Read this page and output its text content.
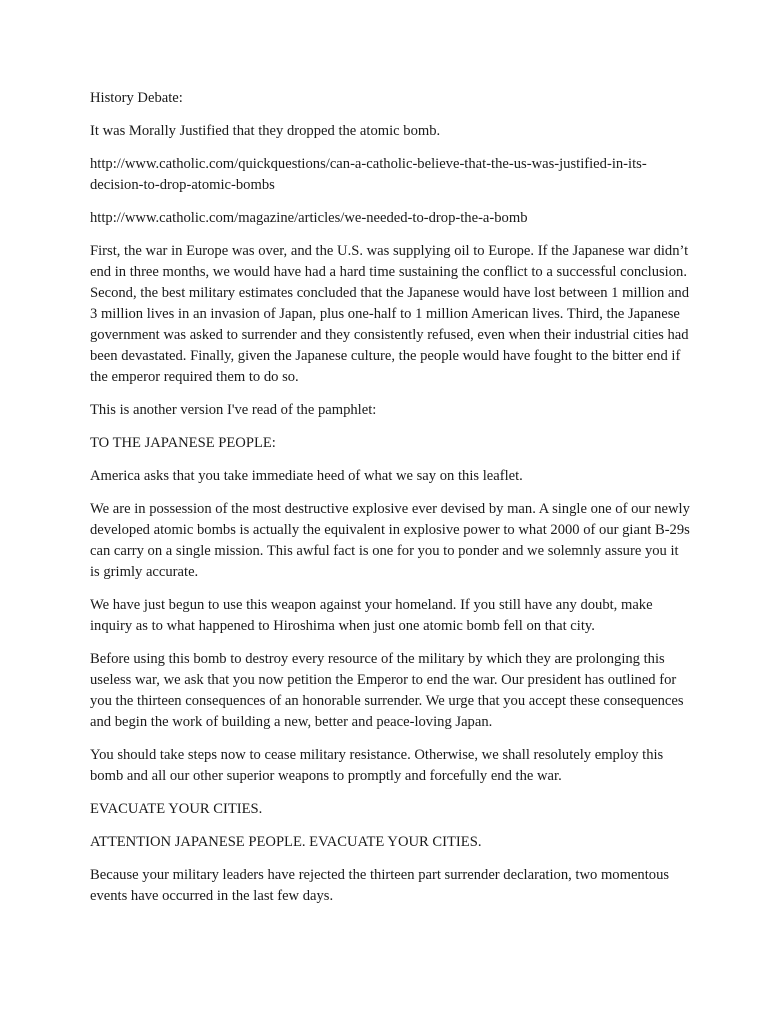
History Debate:

It was Morally Justified that they dropped the atomic bomb.

http://www.catholic.com/quickquestions/can-a-catholic-believe-that-the-us-was-justified-in-its-decision-to-drop-atomic-bombs

http://www.catholic.com/magazine/articles/we-needed-to-drop-the-a-bomb

First, the war in Europe was over, and the U.S. was supplying oil to Europe. If the Japanese war didn’t end in three months, we would have had a hard time sustaining the conflict to a successful conclusion. Second, the best military estimates concluded that the Japanese would have lost between 1 million and 3 million lives in an invasion of Japan, plus one-half to 1 million American lives. Third, the Japanese government was asked to surrender and they consistently refused, even when their industrial cities had been devastated. Finally, given the Japanese culture, the people would have fought to the bitter end if the emperor required them to do so.

This is another version I've read of the pamphlet:

TO THE JAPANESE PEOPLE:

America asks that you take immediate heed of what we say on this leaflet.

We are in possession of the most destructive explosive ever devised by man. A single one of our newly developed atomic bombs is actually the equivalent in explosive power to what 2000 of our giant B-29s can carry on a single mission. This awful fact is one for you to ponder and we solemnly assure you it is grimly accurate.

We have just begun to use this weapon against your homeland. If you still have any doubt, make inquiry as to what happened to Hiroshima when just one atomic bomb fell on that city.

Before using this bomb to destroy every resource of the military by which they are prolonging this useless war, we ask that you now petition the Emperor to end the war. Our president has outlined for you the thirteen consequences of an honorable surrender. We urge that you accept these consequences and begin the work of building a new, better and peace-loving Japan.

You should take steps now to cease military resistance. Otherwise, we shall resolutely employ this bomb and all our other superior weapons to promptly and forcefully end the war.

EVACUATE YOUR CITIES.

ATTENTION JAPANESE PEOPLE. EVACUATE YOUR CITIES.

Because your military leaders have rejected the thirteen part surrender declaration, two momentous events have occurred in the last few days.
